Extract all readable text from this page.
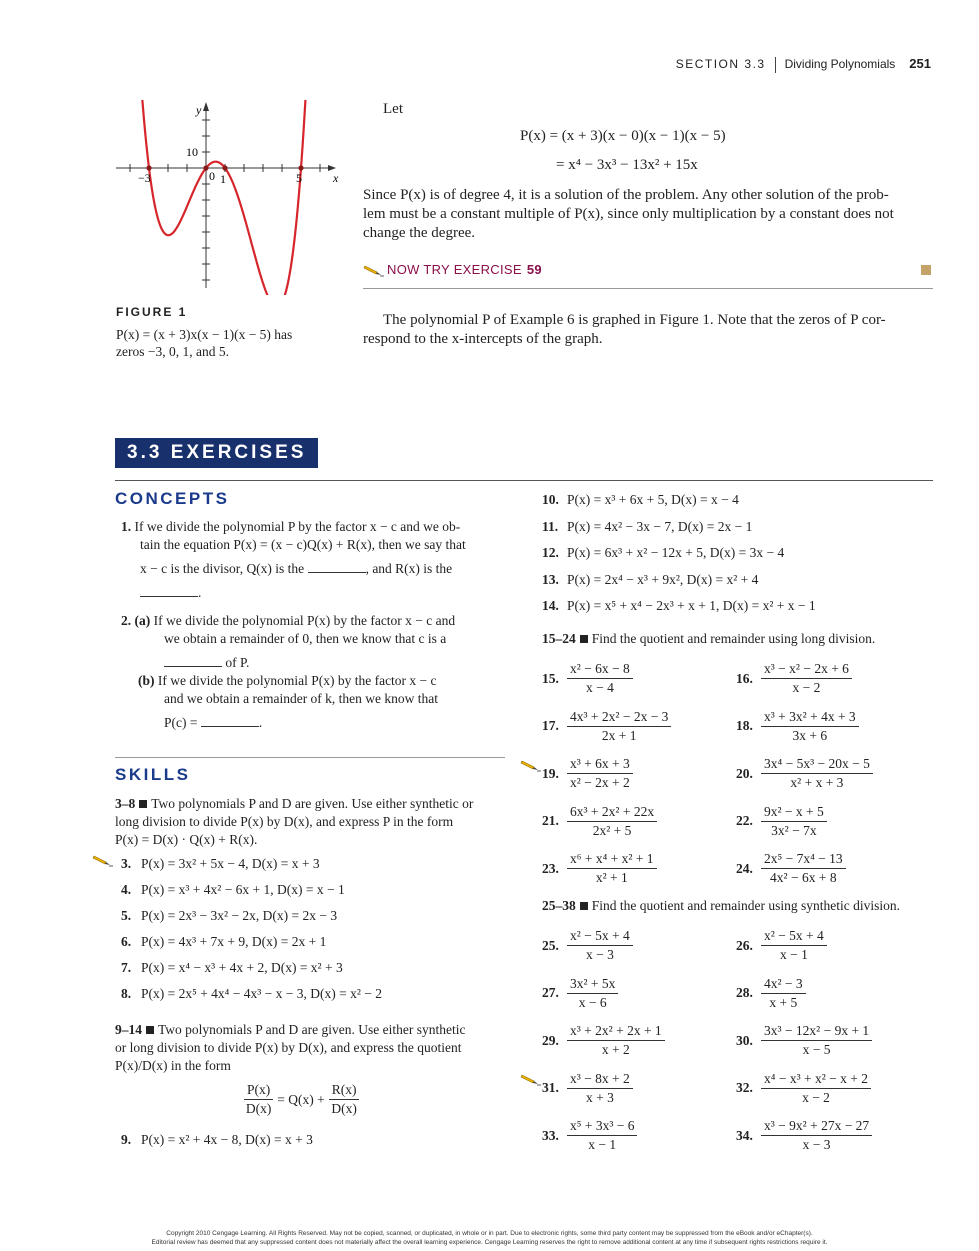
SECTION 3.3 Dividing Polynomials 251
y
x
10
−3	0 1	5
FIGURE 1
P(x) = (x + 3)x(x − 1)(x − 5) has
zeros −3, 0, 1, and 5.
Let
P(x) = (x + 3)(x − 0)(x − 1)(x − 5)
= x⁴ − 3x³ − 13x² + 15x
Since P(x) is of degree 4, it is a solution of the problem. Any other solution of the prob-
lem must be a constant multiple of P(x), since only multiplication by a constant does not
change the degree.
NOW TRY EXERCISE 59
The polynomial P of Example 6 is graphed in Figure 1. Note that the zeros of P cor-
respond to the x-intercepts of the graph.
3.3 EXERCISES
CONCEPTS
1. If we divide the polynomial P by the factor x − c and we ob-
tain the equation P(x) = (x − c)Q(x) + R(x), then we say that
x − c is the divisor, Q(x) is the	, and R(x) is the
.
2. (a) If we divide the polynomial P(x) by the factor x − c and
we obtain a remainder of 0, then we know that c is a
of P.
(b) If we divide the polynomial P(x) by the factor x − c
and we obtain a remainder of k, then we know that
P(c) =	.
SKILLS
3–8 Two polynomials P and D are given. Use either synthetic or
long division to divide P(x) by D(x), and express P in the form
P(x) = D(x) · Q(x) + R(x).
3. P(x) = 3x² + 5x − 4, D(x) = x + 3
4. P(x) = x³ + 4x² − 6x + 1, D(x) = x − 1
5. P(x) = 2x³ − 3x² − 2x, D(x) = 2x − 3
6. P(x) = 4x³ + 7x + 9, D(x) = 2x + 1
7. P(x) = x⁴ − x³ + 4x + 2, D(x) = x² + 3
8. P(x) = 2x⁵ + 4x⁴ − 4x³ − x − 3, D(x) = x² − 2
9–14 Two polynomials P and D are given. Use either synthetic
or long division to divide P(x) by D(x), and express the quotient
P(x)/D(x) in the form
$\frac{P(x)}{D(x)} = Q(x) + \frac{R(x)}{D(x)}$
9. P(x) = x² + 4x − 8, D(x) = x + 3
10. P(x) = x³ + 6x + 5, D(x) = x − 4
11. P(x) = 4x² − 3x − 7, D(x) = 2x − 1
12. P(x) = 6x³ + x² − 12x + 5, D(x) = 3x − 4
13. P(x) = 2x⁴ − x³ + 9x², D(x) = x² + 4
14. P(x) = x⁵ + x⁴ − 2x³ + x + 1, D(x) = x² + x − 1
15–24 Find the quotient and remainder using long division.
15. $\frac{\text{x² − 6x − 8}}{x - 4}$	16. $\frac{\text{x³ − x² − 2x + 6}}{x - 2}$
17. $\frac{\text{4x³ + 2x² − 2x − 3}}{2x + 1}$	18. $\frac{\text{x³ + 3x² + 4x + 3}}{3x + 6}$
19. $\frac{\text{x³ + 6x + 3}}{\text{x² − 2x + 2}}$	20. $\frac{\text{3x⁴ − 5x³ − 20x − 5}}{\text{x² + x + 3}}$
21. $\frac{\text{6x³ + 2x² + 22x}}{\text{2x² + 5}}$	22. $\frac{\text{9x² − x + 5}}{\text{3x² − 7x}}$
23. $\frac{\text{x⁶ + x⁴ + x² + 1}}{\text{x² + 1}}$	24. $\frac{\text{2x⁵ − 7x⁴ − 13}}{\text{4x² − 6x + 8}}$
25–38 Find the quotient and remainder using synthetic division.
25. $\frac{\text{x² − 5x + 4}}{x - 3}$	26. $\frac{\text{x² − 5x + 4}}{x - 1}$
27. $\frac{\text{3x² + 5x}}{x - 6}$	28. $\frac{\text{4x² − 3}}{x + 5}$
29. $\frac{\text{x³ + 2x² + 2x + 1}}{x + 2}$	30. $\frac{\text{3x³ − 12x² − 9x + 1}}{x - 5}$
31. $\frac{\text{x³ − 8x + 2}}{x + 3}$	32. $\frac{\text{x⁴ − x³ + x² − x + 2}}{x - 2}$
33. $\frac{\text{x⁵ + 3x³ − 6}}{x - 1}$	34. $\frac{\text{x³ − 9x² + 27x − 27}}{x - 3}$
Copyright 2010 Cengage Learning. All Rights Reserved. May not be copied, scanned, or duplicated, in whole or in part. Due to electronic rights, some third party content may be suppressed from the eBook and/or eChapter(s).
Editorial review has deemed that any suppressed content does not materially affect the overall learning experience. Cengage Learning reserves the right to remove additional content at any time if subsequent rights restrictions require it.
